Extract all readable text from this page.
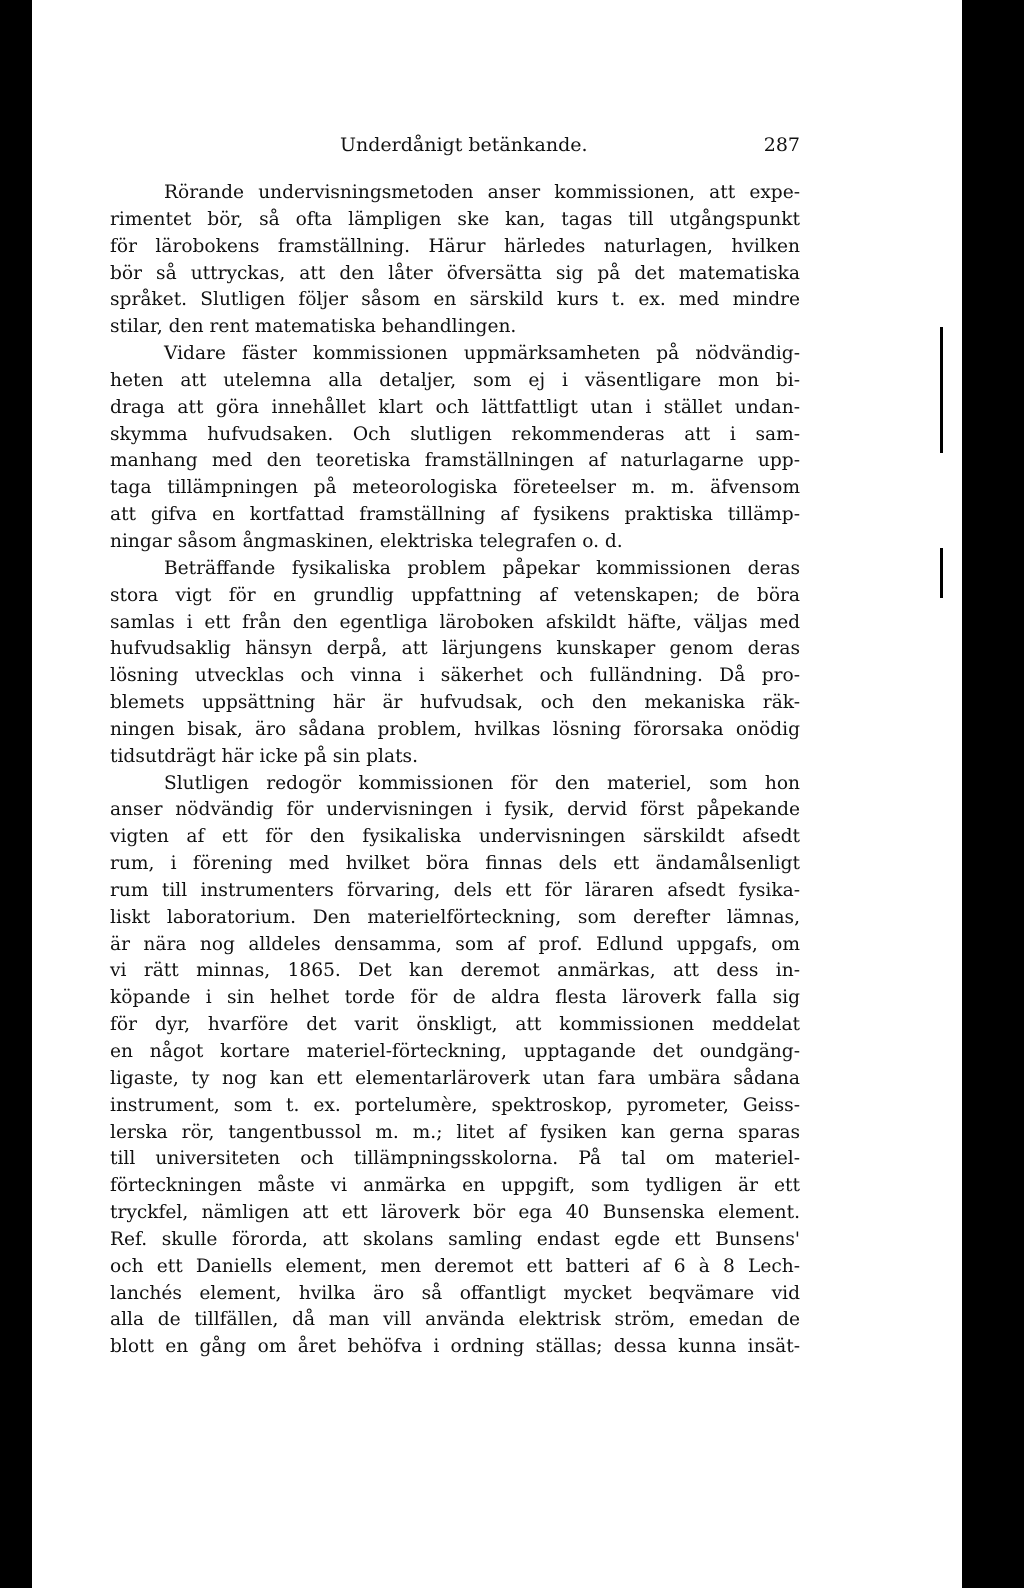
Underdånigt betänkande.	287
Rörande undervisningsmetoden anser kommissionen, att expe-
rimentet bör, så ofta lämpligen ske kan, tagas till utgångspunkt
för lärobokens framställning. Härur härledes naturlagen, hvilken
bör så uttryckas, att den låter öfversätta sig på det matematiska
språket. Slutligen följer såsom en särskild kurs t. ex. med mindre
stilar, den rent matematiska behandlingen.
Vidare fäster kommissionen uppmärksamheten på nödvändig-
heten att utelemna alla detaljer, som ej i väsentligare mon bi-
draga att göra innehållet klart och lättfattligt utan i stället undan-
skymma hufvudsaken. Och slutligen rekommenderas att i sam-
manhang med den teoretiska framställningen af naturlagarne upp-
taga tillämpningen på meteorologiska företeelser m. m. äfvensom
att gifva en kortfattad framställning af fysikens praktiska tillämp-
ningar såsom ångmaskinen, elektriska telegrafen o. d.
Beträffande fysikaliska problem påpekar kommissionen deras
stora vigt för en grundlig uppfattning af vetenskapen; de böra
samlas i ett från den egentliga läroboken afskildt häfte, väljas med
hufvudsaklig hänsyn derpå, att lärjungens kunskaper genom deras
lösning utvecklas och vinna i säkerhet och fulländning. Då pro-
blemets uppsättning här är hufvudsak, och den mekaniska räk-
ningen bisak, äro sådana problem, hvilkas lösning förorsaka onödig
tidsutdrägt här icke på sin plats.
Slutligen redogör kommissionen för den materiel, som hon
anser nödvändig för undervisningen i fysik, dervid först påpekande
vigten af ett för den fysikaliska undervisningen särskildt afsedt
rum, i förening med hvilket böra finnas dels ett ändamålsenligt
rum till instrumenters förvaring, dels ett för läraren afsedt fysika-
liskt laboratorium. Den materielförteckning, som derefter lämnas,
är nära nog alldeles densamma, som af prof. Edlund uppgafs, om
vi rätt minnas, 1865. Det kan deremot anmärkas, att dess in-
köpande i sin helhet torde för de aldra flesta läroverk falla sig
för dyr, hvarföre det varit önskligt, att kommissionen meddelat
en något kortare materiel-förteckning, upptagande det oundgäng-
ligaste, ty nog kan ett elementarläroverk utan fara umbära sådana
instrument, som t. ex. portelumère, spektroskop, pyrometer, Geiss-
lerska rör, tangentbussol m. m.; litet af fysiken kan gerna sparas
till universiteten och tillämpningsskolorna. På tal om materiel-
förteckningen måste vi anmärka en uppgift, som tydligen är ett
tryckfel, nämligen att ett läroverk bör ega 40 Bunsenska element.
Ref. skulle förorda, att skolans samling endast egde ett Bunsens'
och ett Daniells element, men deremot ett batteri af 6 à 8 Lech-
lanchés element, hvilka äro så offantligt mycket beqvämare vid
alla de tillfällen, då man vill använda elektrisk ström, emedan de
blott en gång om året behöfva i ordning ställas; dessa kunna insät-
